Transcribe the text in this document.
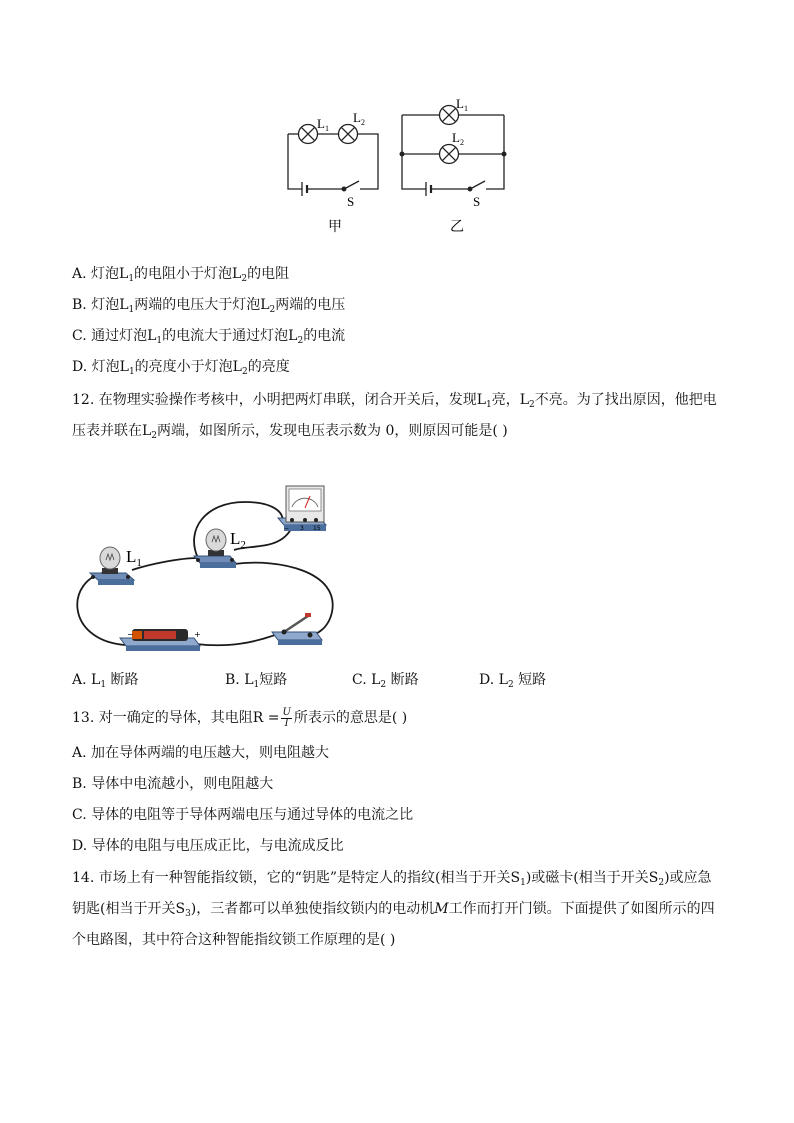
$L_1$
$L_2$
S
甲
$L_1$
$L_2$
S
乙
A. 灯泡$L_1$的电阻小于灯泡$L_2$的电阻
B. 灯泡$L_1$两端的电压大于灯泡$L_2$两端的电压
C. 通过灯泡$L_1$的电流大于通过灯泡$L_2$的电流
D. 灯泡$L_1$的亮度小于灯泡$L_2$的亮度
12. 在物理实验操作考核中，小明把两灯串联，闭合开关后，发现$L_1$亮，$L_2$不亮。为了找出原因，他把电
压表并联在$L_2$两端，如图所示，发现电压表示数为 0，则原因可能是( )
$L_1$
$L_2$
− 3 15
−	+
A. $L_1$ 断路	B. $L_1$短路	C. $L_2$ 断路	D. $L_2$ 短路
13. 对一确定的导体，其电阻$R = \frac{U}{I}$ 所表示的意思是( )
A. 加在导体两端的电压越大，则电阻越大
B. 导体中电流越小，则电阻越大
C. 导体的电阻等于导体两端电压与通过导体的电流之比
D. 导体的电阻与电压成正比，与电流成反比
14. 市场上有一种智能指纹锁，它的“钥匙”是特定人的指纹(相当于开关$S_1$)或磁卡(相当于开关$S_2$)或应急
钥匙(相当于开关$S_3$)，三者都可以单独使指纹锁内的电动机M工作而打开门锁。下面提供了如图所示的四
个电路图，其中符合这种智能指纹锁工作原理的是( )
